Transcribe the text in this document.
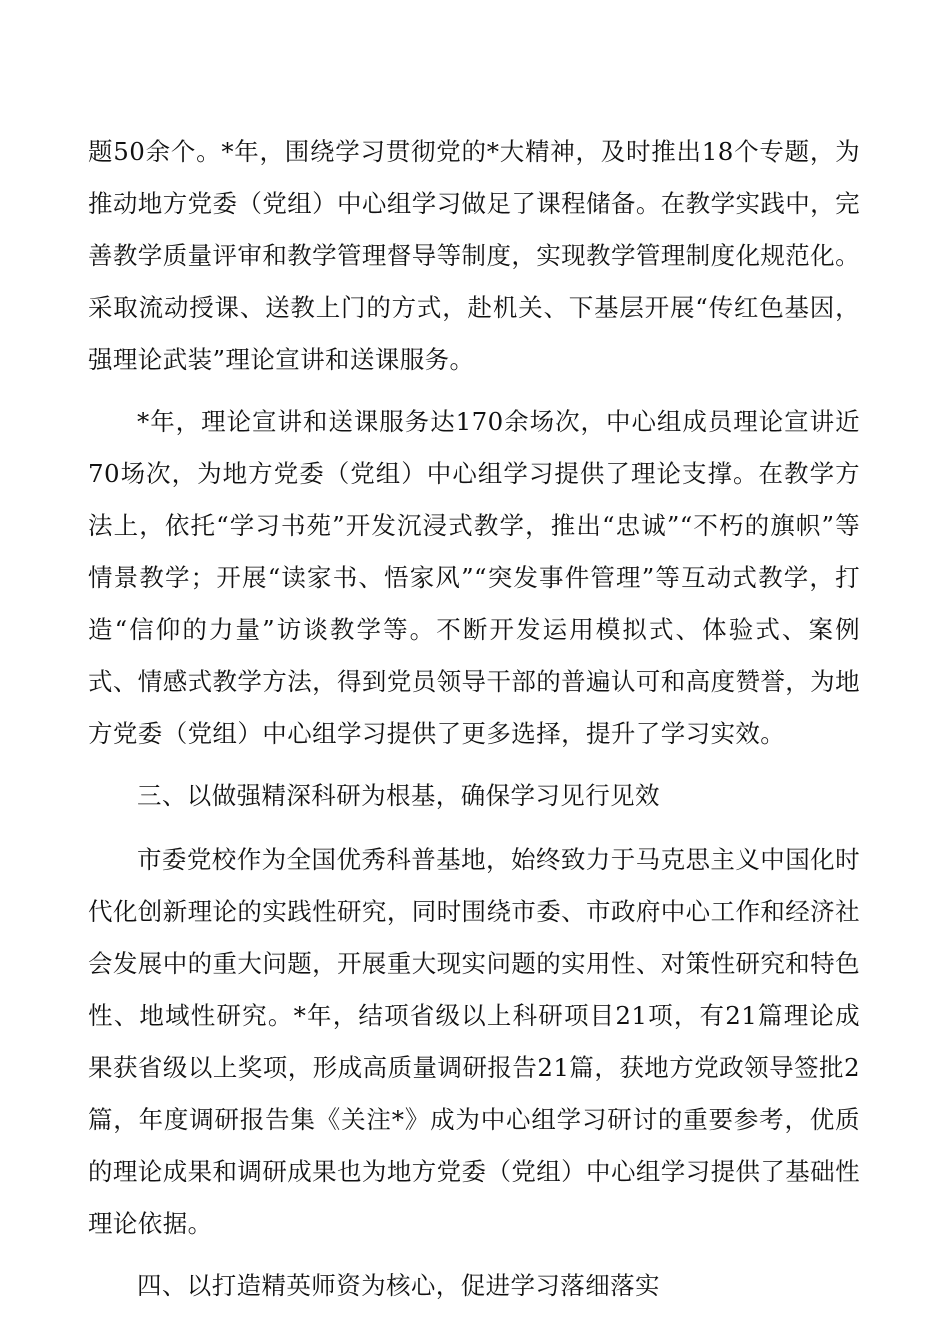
题50余个。*年，围绕学习贯彻党的*大精神，及时推出18个专题，为推动地方党委（党组）中心组学习做足了课程储备。在教学实践中，完善教学质量评审和教学管理督导等制度，实现教学管理制度化规范化。采取流动授课、送教上门的方式，赴机关、下基层开展“传红色基因，强理论武装”理论宣讲和送课服务。

*年，理论宣讲和送课服务达170余场次，中心组成员理论宣讲近70场次，为地方党委（党组）中心组学习提供了理论支撑。在教学方法上，依托“学习书苑”开发沉浸式教学，推出“忠诚”“不朽的旗帜”等情景教学；开展“读家书、悟家风”“突发事件管理”等互动式教学，打造“信仰的力量”访谈教学等。不断开发运用模拟式、体验式、案例式、情感式教学方法，得到党员领导干部的普遍认可和高度赞誉，为地方党委（党组）中心组学习提供了更多选择，提升了学习实效。

三、以做强精深科研为根基，确保学习见行见效

市委党校作为全国优秀科普基地，始终致力于马克思主义中国化时代化创新理论的实践性研究，同时围绕市委、市政府中心工作和经济社会发展中的重大问题，开展重大现实问题的实用性、对策性研究和特色性、地域性研究。*年，结项省级以上科研项目21项，有21篇理论成果获省级以上奖项，形成高质量调研报告21篇，获地方党政领导签批2篇，年度调研报告集《关注*》成为中心组学习研讨的重要参考，优质的理论成果和调研成果也为地方党委（党组）中心组学习提供了基础性理论依据。

四、以打造精英师资为核心，促进学习落细落实
